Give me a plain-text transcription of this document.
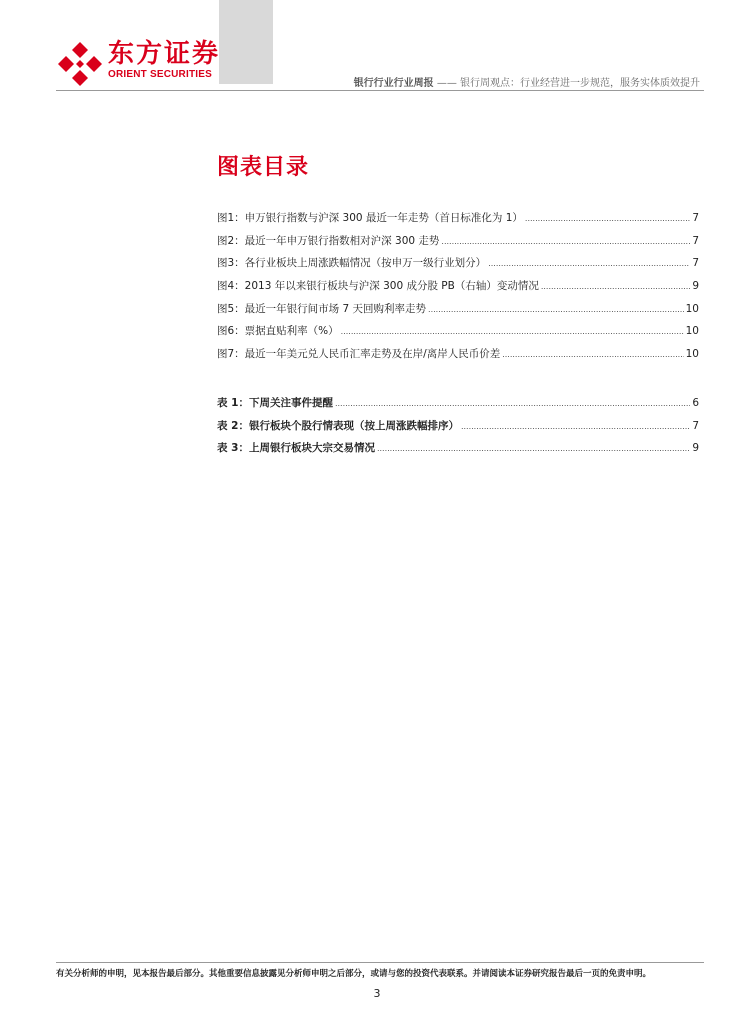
东方证券
ORIENT SECURITIES
银行行业行业周报 —— 银行周观点：行业经营进一步规范，服务实体质效提升
图表目录
图1：申万银行指数与沪深 300 最近一年走势（首日标准化为 1） .....	7
图2：最近一年申万银行指数相对沪深 300 走势 .....	7
图3：各行业板块上周涨跌幅情况（按申万一级行业划分） .....	7
图4：2013 年以来银行板块与沪深 300 成分股 PB（右轴）变动情况 .....	9
图5：最近一年银行间市场 7 天回购利率走势 .....	10
图6：票据直贴利率（%） .....	10
图7：最近一年美元兑人民币汇率走势及在岸/离岸人民币价差 .....	10
表 1：下周关注事件提醒 .....	6
表 2：银行板块个股行情表现（按上周涨跌幅排序） .....	7
表 3：上周银行板块大宗交易情况 .....	9
有关分析师的申明，见本报告最后部分。其他重要信息披露见分析师申明之后部分，或请与您的投资代表联系。并请阅读本证券研究报告最后一页的免责申明。
3
